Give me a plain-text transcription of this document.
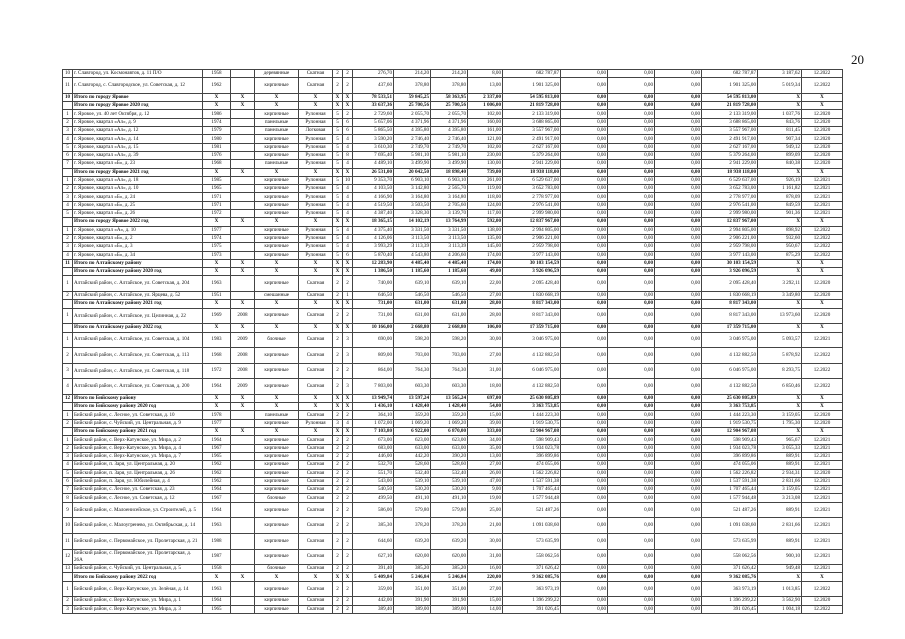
20
10	г. Славгород, ул. Космонавтов, д. 11 П/О	1958		деревянные	Скатная	2	2	276,70	214,20	214,20	8,00	682 787,87	0,00	0,00	0,00	682 787,87	3 187,62	12.2022
11	г. Славгород, с. Славгородское, ул. Советская, д. 12	1962		кирпичные	Скатная	2	2	437,60	378,80	378,80	13,00	1 901 325,00	0,00	0,00	0,00	1 901 325,00	5 019,34	12.2022
10	Итого по городу Яровое	X	X	X	X	X	X	78 533,51	59 845,25	58 363,95	2 337,00	54 595 813,00	0,00	0,00	0,00	54 595 813,00	X	X
	Итого по городу Яровое 2020 год	X	X	X	X	X	X	33 637,36	25 700,56	25 700,56	1 006,00	21 819 728,00	0,00	0,00	0,00	21 819 728,00	X	X
1	г. Яровое, ул. 40 лет Октября, д. 12	1986		кирпичные	Рулонная	5	2	2 729,60	2 055,70	2 055,70	102,00	2 133 319,00	0,00	0,00	0,00	2 133 319,00	1 037,76	12.2020
2	г. Яровое, квартал «Ал», д. 9	1974		панельные	Рулонная	5	6	5 657,06	4 371,96	4 371,96	160,00	3 688 865,00	0,00	0,00	0,00	3 688 865,00	843,76	12.2020
3	г. Яровое, квартал «Ал», д. 12	1979		панельные	Логковая	5	6	5 865,50	4 395,80	4 395,80	161,00	3 557 967,00	0,00	0,00	0,00	3 557 967,00	811,45	12.2020
4	г. Яровое, квартал «Ал», д. 14	1980		кирпичные	Рулонная	5	4	3 590,20	2 746,40	2 746,40	121,00	2 491 917,00	0,00	0,00	0,00	2 491 917,00	907,34	12.2020
5	г. Яровое, квартал «Ал», д. 15	1981		кирпичные	Рулонная	5	4	3 610,30	2 749,70	2 749,70	102,00	2 627 167,00	0,00	0,00	0,00	2 627 167,00	949,12	12.2020
6	г. Яровое, квартал «Ал», д. 39	1976		кирпичные	Рулонная	5	8	7 695,40	5 981,10	5 981,10	230,00	5 379 264,00	0,00	0,00	0,00	5 379 264,00	899,09	12.2020
7	г. Яровое, квартал «Б», д. 23	1968		панельные	Рулонная	5	4	4 489,10	3 499,90	3 499,90	130,00	2 941 229,00	0,00	0,00	0,00	2 941 229,00	840,38	12.2020
	Итого по городу Яровое 2021 год	X	X	X	X	X	X	26 531,00	20 042,50	18 898,40	739,00	18 938 118,00	0,00	0,00	0,00	18 938 118,00	X	X
1	г. Яровое, квартал «Ал», д. 18	1985		кирпичные	Рулонная	5	10	9 353,70	6 903,10	6 903,10	261,00	6 529 637,00	0,00	0,00	0,00	6 529 637,00	926,19	12.2021
2	г. Яровое, квартал «Ал», д. 10	1965		кирпичные	Рулонная	5	4	4 103,50	3 142,80	2 565,70	119,00	3 652 783,00	0,00	0,00	0,00	3 652 783,00	1 161,82	12.2021
3	г. Яровое, квартал «Б», д. 24	1971		кирпичные	Рулонная	5	4	4 166,90	3 164,80	3 164,80	118,00	2 778 977,00	0,00	0,00	0,00	2 778 977,00	878,09	12.2021
4	г. Яровое, квартал «Б», д. 25	1971		кирпичные	Рулонная	5	4	4 519,50	3 503,50	2 705,60	124,00	2 976 541,00	0,00	0,00	0,00	2 976 541,00	849,59	12.2021
5	г. Яровое, квартал «Б», д. 26	1972		кирпичные	Рулонная	5	4	4 387,40	3 328,30	3 139,70	117,00	2 999 980,00	0,00	0,00	0,00	2 999 980,00	901,36	12.2021
	Итого по городу Яровое 2022 год	X	X	X	X	X	X	18 365,15	14 102,19	13 764,99	592,00	12 837 967,00	0,00	0,00	0,00	12 837 967,00	X	X
1	г. Яровое, квартал «А», д. 10	1977		кирпичные	Рулонная	5	4	4 375,40	3 331,50	3 331,50	138,00	2 994 805,00	0,00	0,00	0,00	2 994 805,00	898,92	12.2022
2	г. Яровое, квартал «Б», д. 2	1974		кирпичные	Рулонная	5	4	4 126,06	3 113,50	3 113,50	135,00	2 906 221,00	0,00	0,00	0,00	2 906 221,00	932,60	12.2022
3	г. Яровое, квартал «Б», д. 3	1975		кирпичные	Рулонная	5	4	3 993,29	3 113,39	3 113,39	145,00	2 959 798,00	0,00	0,00	0,00	2 959 798,00	950,67	12.2022
4	г. Яровое, квартал «Б», д. 34	1973		кирпичные	Рулонная	5	6	5 870,40	4 543,80	4 206,60	174,00	3 977 143,00	0,00	0,00	0,00	3 977 143,00	875,29	12.2022
11	Итого по Алтайскому району	X	X	X	X	X	X	12 283,90	4 485,40	4 485,40	174,00	30 103 154,59	0,00	0,00	0,00	30 103 154,59	X	X
	Итого по Алтайскому району 2020 год	X	X	X	X	X	X	1 386,50	1 185,60	1 185,60	49,00	3 926 096,59	0,00	0,00	0,00	3 926 096,59	X	X
1	Алтайский район, с. Алтайское, ул. Советская, д. 204	1963		кирпичные	Скатная	2	2	740,00	639,10	639,10	22,00	2 095 428,40	0,00	0,00	0,00	2 095 428,40	3 292,11	12.2020
2	Алтайский район, с. Алтайское, ул. Ярцева, д. 52	1951		смешанные	Скатная	2	1	646,50	546,50	546,50	27,00	1 830 668,19	0,00	0,00	0,00	1 830 668,19	3 349,80	12.2020
	Итого по Алтайскому району 2021 год	X	X	X	X	X	X	731,00	631,00	631,00	28,00	8 817 343,00	0,00	0,00	0,00	8 817 343,00	X	X
1	Алтайский район, с. Алтайское, ул. Целинная, д. 22	1969	2008	кирпичные	Скатная	2	2	731,00	631,00	631,00	28,00	8 817 343,00	0,00	0,00	0,00	8 817 343,00	13 973,60	12.2020
	Итого по Алтайскому району 2022 год	X	X	X	X	X	X	10 166,00	2 668,80	2 668,80	106,00	17 359 715,00	0,00	0,00	0,00	17 359 715,00	X	X
1	Алтайский район, с. Алтайское, ул. Советская, д. 104	1983	2009	блочные	Скатная	2	3	690,00	598,20	598,20	30,00	3 046 975,00	0,00	0,00	0,00	3 046 975,00	5 093,57	12.2021
2	Алтайский район, с. Алтайское, ул. Советская, д. 113	1968	2008	кирпичные	Скатная	2	3	809,00	703,00	703,00	27,00	4 132 882,50	0,00	0,00	0,00	4 132 882,50	5 878,92	12.2022
3	Алтайский район, с. Алтайское, ул. Советская, д. 118	1972	2008	кирпичные	Скатная	2	2	864,00	764,30	764,30	31,00	6 046 975,00	0,00	0,00	0,00	6 046 975,00	8 293,75	12.2022
4	Алтайский район, с. Алтайское, ул. Советская, д. 200	1964	2009	кирпичные	Скатная	2	3	7 803,00	603,30	603,30	18,00	4 132 882,50	0,00	0,00	0,00	4 132 882,50	6 850,46	12.2022
12	Итого по Бийскому району	X	X	X	X	X	X	13 949,74	13 597,24	13 565,24	697,00	25 630 805,89	0,00	0,00	0,00	25 630 805,89	X	X
	Итого по Бийскому району 2020 год	X	X	X	X	X	X	1 436,10	1 428,40	1 428,40	54,00	3 363 753,85	0,00	0,00	0,00	3 363 753,85	X	X
1	Бийский район, с. Лесное, ул. Советская, д. 10	1978		панельные	Скатная	2	2	364,10	359,20	359,20	15,00	1 444 223,30	0,00	0,00	0,00	1 444 223,30	3 159,05	12.2020
2	Бийский район, с. Чуйский, ул. Центральная, д. 9	1977		кирпичные	Рулонная	3	4	1 072,00	1 069,20	1 069,20	39,00	1 919 530,75	0,00	0,00	0,00	1 919 530,75	1 795,30	12.2020
	Итого по Бийскому району 2021 год	X	X	X	X	X	X	7 103,80	6 922,00	6 870,00	333,00	12 904 967,08	0,00	0,00	0,00	12 904 967,08	X	X
1	Бийский район, с. Верх-Катунское, ул. Мира, д. 2	1964		кирпичные	Скатная	2	2	673,00	623,00	623,00	34,00	598 909,43	0,00	0,00	0,00	598 909,43	965,67	12.2021
2	Бийский район, с. Верх-Катунское, ул. Мира, д. 4	1967		кирпичные	Скатная	2	2	683,00	633,00	633,00	35,00	1 934 023,78	0,00	0,00	0,00	1 934 023,78	3 055,33	12.2021
3	Бийский район, с. Верх-Катунское, ул. Мира, д. 7	1965		кирпичные	Скатная	2	2	446,00	442,20	390,20	13,00	396 899,86	0,00	0,00	0,00	396 899,86	889,91	12.2021
4	Бийский район, п. Заря, ул. Центральная, д. 20	1962		кирпичные	Скатная	2	2	532,70	528,60	528,60	27,00	474 055,06	0,00	0,00	0,00	474 055,06	889,91	12.2021
5	Бийский район, п. Заря, ул. Центральная, д. 26	1962		кирпичные	Скатная	2	2	551,70	532,40	532,40	26,00	1 562 226,82	0,00	0,00	0,00	1 562 226,82	2 934,31	12.2020
6	Бийский район, п. Заря, ул. Юбилейная, д. 4	1962		кирпичные	Скатная	2	2	543,00	539,10	539,10	47,00	1 537 591,38	0,00	0,00	0,00	1 537 591,38	2 831,66	12.2021
7	Бийский район, с. Лесное, ул. Советская, д. 23	1964		кирпичные	Скатная	2	2	540,50	530,20	530,20	9,00	1 707 465,44	0,00	0,00	0,00	1 707 465,44	3 159,05	12.2021
8	Бийский район, с. Лесное, ул. Советская, д. 12	1967		блочные	Скатная	2	2	499,50	491,10	491,10	19,00	1 577 944,48	0,00	0,00	0,00	1 577 944,48	3 213,08	12.2021
9	Бийский район, с. Малоенисейское, ул. Строителей, д. 5	1964		кирпичные	Скатная	2	2	586,00	579,80	579,80	25,00	521 487,26	0,00	0,00	0,00	521 487,26	889,91	12.2021
10	Бийский район, с. Малоугренево, ул. Октябрьская, д. 14	1963		кирпичные	Скатная	2	2	385,30	378,20	378,20	21,00	1 091 038,60	0,00	0,00	0,00	1 091 038,60	2 831,66	12.2021
11	Бийский район, с. Первомайское, ул. Пролетарская, д. 21	1988		кирпичные	Скатная	2	2	644,60	639,20	639,20	30,00	573 635,99	0,00	0,00	0,00	573 635,99	889,91	12.2021
12	Бийский район, с. Первомайское, ул. Пролетарская, д. 26А	1987		кирпичные	Скатная	2	2	627,10	620,00	620,00	31,00	558 062,56	0,00	0,00	0,00	558 062,56	900,10	12.2021
13	Бийский район, с. Чуйский, ул. Центральная, д. 5	1958		блочные	Скатная	2	2	391,40	385,20	385,20	16,00	371 626,42	0,00	0,00	0,00	371 626,42	949,48	12.2021
	Итого по Бийскому району 2022 год	X	X	X	X	X	X	5 409,84	5 246,84	5 246,84	220,00	9 362 085,76	0,00	0,00	0,00	9 362 085,76	X	X
1	Бийский район, с. Верх-Катунское, ул. Зелёная, д. 14	1963		кирпичные	Скатная	2	2	359,00	351,00	351,00	27,00	363 973,19	0,00	0,00	0,00	363 973,19	1 013,85	12.2022
2	Бийский район, с. Верх-Катунское, ул. Мира, д. 1	1964		кирпичные	Скатная	2	2	442,00	391,90	391,90	15,00	1 396 299,22	0,00	0,00	0,00	1 396 299,22	3 562,90	12.2020
3	Бийский район, с. Верх-Катунское, ул. Мира, д. 3	1965		кирпичные	Скатная	2	2	389,40	389,00	389,00	14,00	391 026,45	0,00	0,00	0,00	391 026,45	1 004,18	12.2022
